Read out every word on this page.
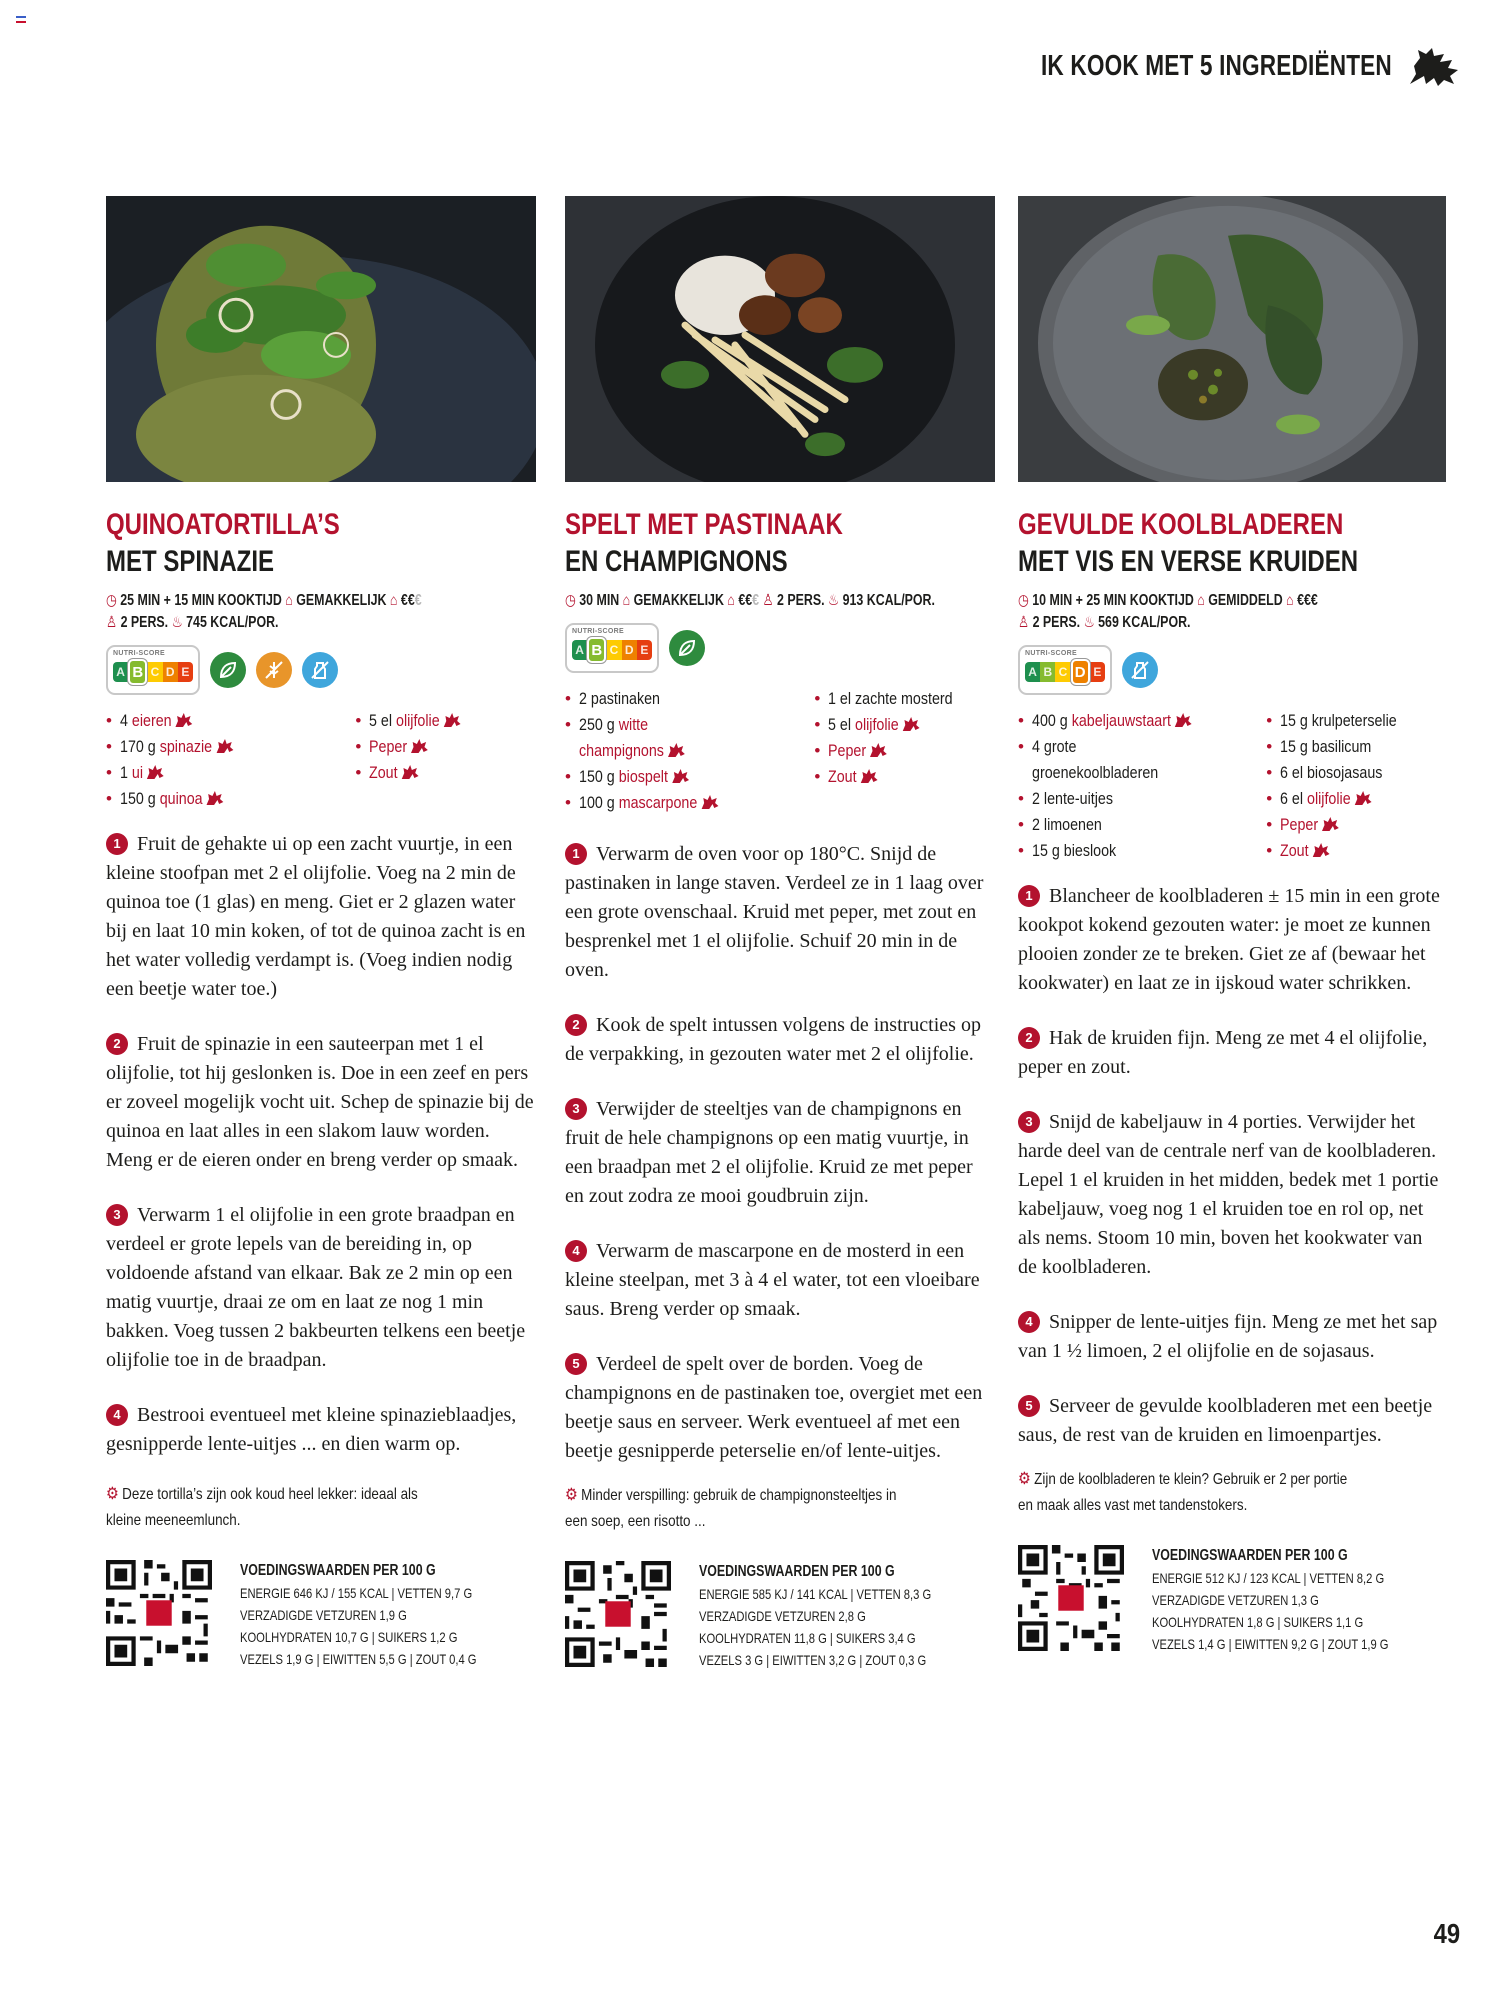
IK KOOK MET 5 INGREDIËNTEN
QUINOATORTILLA’S
MET SPINAZIE
◷ 25 MIN + 15 MIN KOOKTIJD ⌂ GEMAKKELIJK ⌂ €€€
♙ 2 PERS. ♨ 745 KCAL/POR.
NUTRI-SCORE
A B C D E
• 4 eieren
• 170 g spinazie
• 1 ui
• 150 g quinoa
• 5 el olijfolie
• Peper
• Zout

1 Fruit de gehakte ui op een zacht vuurtje, in een kleine stoofpan met 2 el olijfolie. Voeg na 2 min de quinoa toe (1 glas) en meng. Giet er 2 glazen water bij en laat 10 min koken, of tot de quinoa zacht is en het water volledig verdampt is. (Voeg indien nodig een beetje water toe.)

2 Fruit de spinazie in een sauteerpan met 1 el olijfolie, tot hij geslonken is. Doe in een zeef en pers er zoveel mogelijk vocht uit. Schep de spinazie bij de quinoa en laat alles in een slakom lauw worden. Meng er de eieren onder en breng verder op smaak.

3 Verwarm 1 el olijfolie in een grote braadpan en verdeel er grote lepels van de bereiding in, op voldoende afstand van elkaar. Bak ze 2 min op een matig vuurtje, draai ze om en laat ze nog 1 min bakken. Voeg tussen 2 bakbeurten telkens een beetje olijfolie toe in de braadpan.

4 Bestrooi eventueel met kleine spinazieblaadjes, gesnipperde lente-uitjes ... en dien warm op.

⚙ Deze tortilla’s zijn ook koud heel lekker: ideaal als
kleine meeneemlunch.
VOEDINGSWAARDEN PER 100 G
ENERGIE 646 KJ / 155 KCAL | VETTEN 9,7 G
VERZADIGDE VETZUREN 1,9 G
KOOLHYDRATEN 10,7 G | SUIKERS 1,2 G
VEZELS 1,9 G | EIWITTEN 5,5 G | ZOUT 0,4 G
SPELT MET PASTINAAK
EN CHAMPIGNONS
◷ 30 MIN ⌂ GEMAKKELIJK ⌂ €€€ ♙ 2 PERS. ♨ 913 KCAL/POR.
NUTRI-SCORE
A B C D E
• 2 pastinaken
• 250 g witte
champignons
• 150 g biospelt
• 100 g mascarpone
• 1 el zachte mosterd
• 5 el olijfolie
• Peper
• Zout

1 Verwarm de oven voor op 180°C. Snijd de pastinaken in lange staven. Verdeel ze in 1 laag over een grote ovenschaal. Kruid met peper, met zout en besprenkel met 1 el olijfolie. Schuif 20 min in de oven.

2 Kook de spelt intussen volgens de instructies op de verpakking, in gezouten water met 2 el olijfolie.

3 Verwijder de steeltjes van de champignons en fruit de hele champignons op een matig vuurtje, in een braadpan met 2 el olijfolie. Kruid ze met peper en zout zodra ze mooi goudbruin zijn.

4 Verwarm de mascarpone en de mosterd in een kleine steelpan, met 3 à 4 el water, tot een vloeibare saus. Breng verder op smaak.

5 Verdeel de spelt over de borden. Voeg de champignons en de pastinaken toe, overgiet met een beetje saus en serveer. Werk eventueel af met een beetje gesnipperde peterselie en/of lente-uitjes.

⚙ Minder verspilling: gebruik de champignonsteeltjes in
een soep, een risotto ...
VOEDINGSWAARDEN PER 100 G
ENERGIE 585 KJ / 141 KCAL | VETTEN 8,3 G
VERZADIGDE VETZUREN 2,8 G
KOOLHYDRATEN 11,8 G | SUIKERS 3,4 G
VEZELS 3 G | EIWITTEN 3,2 G | ZOUT 0,3 G
GEVULDE KOOLBLADEREN
MET VIS EN VERSE KRUIDEN
◷ 10 MIN + 25 MIN KOOKTIJD ⌂ GEMIDDELD ⌂ €€€
♙ 2 PERS. ♨ 569 KCAL/POR.
NUTRI-SCORE
A B C D E
• 400 g kabeljauwstaart
• 4 grote
groenekoolbladeren
• 2 lente-uitjes
• 2 limoenen
• 15 g bieslook
• 15 g krulpeterselie
• 15 g basilicum
• 6 el biosojasaus
• 6 el olijfolie
• Peper
• Zout

1 Blancheer de koolbladeren ± 15 min in een grote kookpot kokend gezouten water: je moet ze kunnen plooien zonder ze te breken. Giet ze af (bewaar het kookwater) en laat ze in ijskoud water schrikken.

2 Hak de kruiden fijn. Meng ze met 4 el olijfolie, peper en zout.

3 Snijd de kabeljauw in 4 porties. Verwijder het harde deel van de centrale nerf van de koolbladeren. Lepel 1 el kruiden in het midden, bedek met 1 portie kabeljauw, voeg nog 1 el kruiden toe en rol op, net als nems. Stoom 10 min, boven het kookwater van de koolbladeren.

4 Snipper de lente-uitjes fijn. Meng ze met het sap van 1 ½ limoen, 2 el olijfolie en de sojasaus.

5 Serveer de gevulde koolbladeren met een beetje saus, de rest van de kruiden en limoenpartjes.

⚙ Zijn de koolbladeren te klein? Gebruik er 2 per portie
en maak alles vast met tandenstokers.
VOEDINGSWAARDEN PER 100 G
ENERGIE 512 KJ / 123 KCAL | VETTEN 8,2 G
VERZADIGDE VETZUREN 1,3 G
KOOLHYDRATEN 1,8 G | SUIKERS 1,1 G
VEZELS 1,4 G | EIWITTEN 9,2 G | ZOUT 1,9 G
49
